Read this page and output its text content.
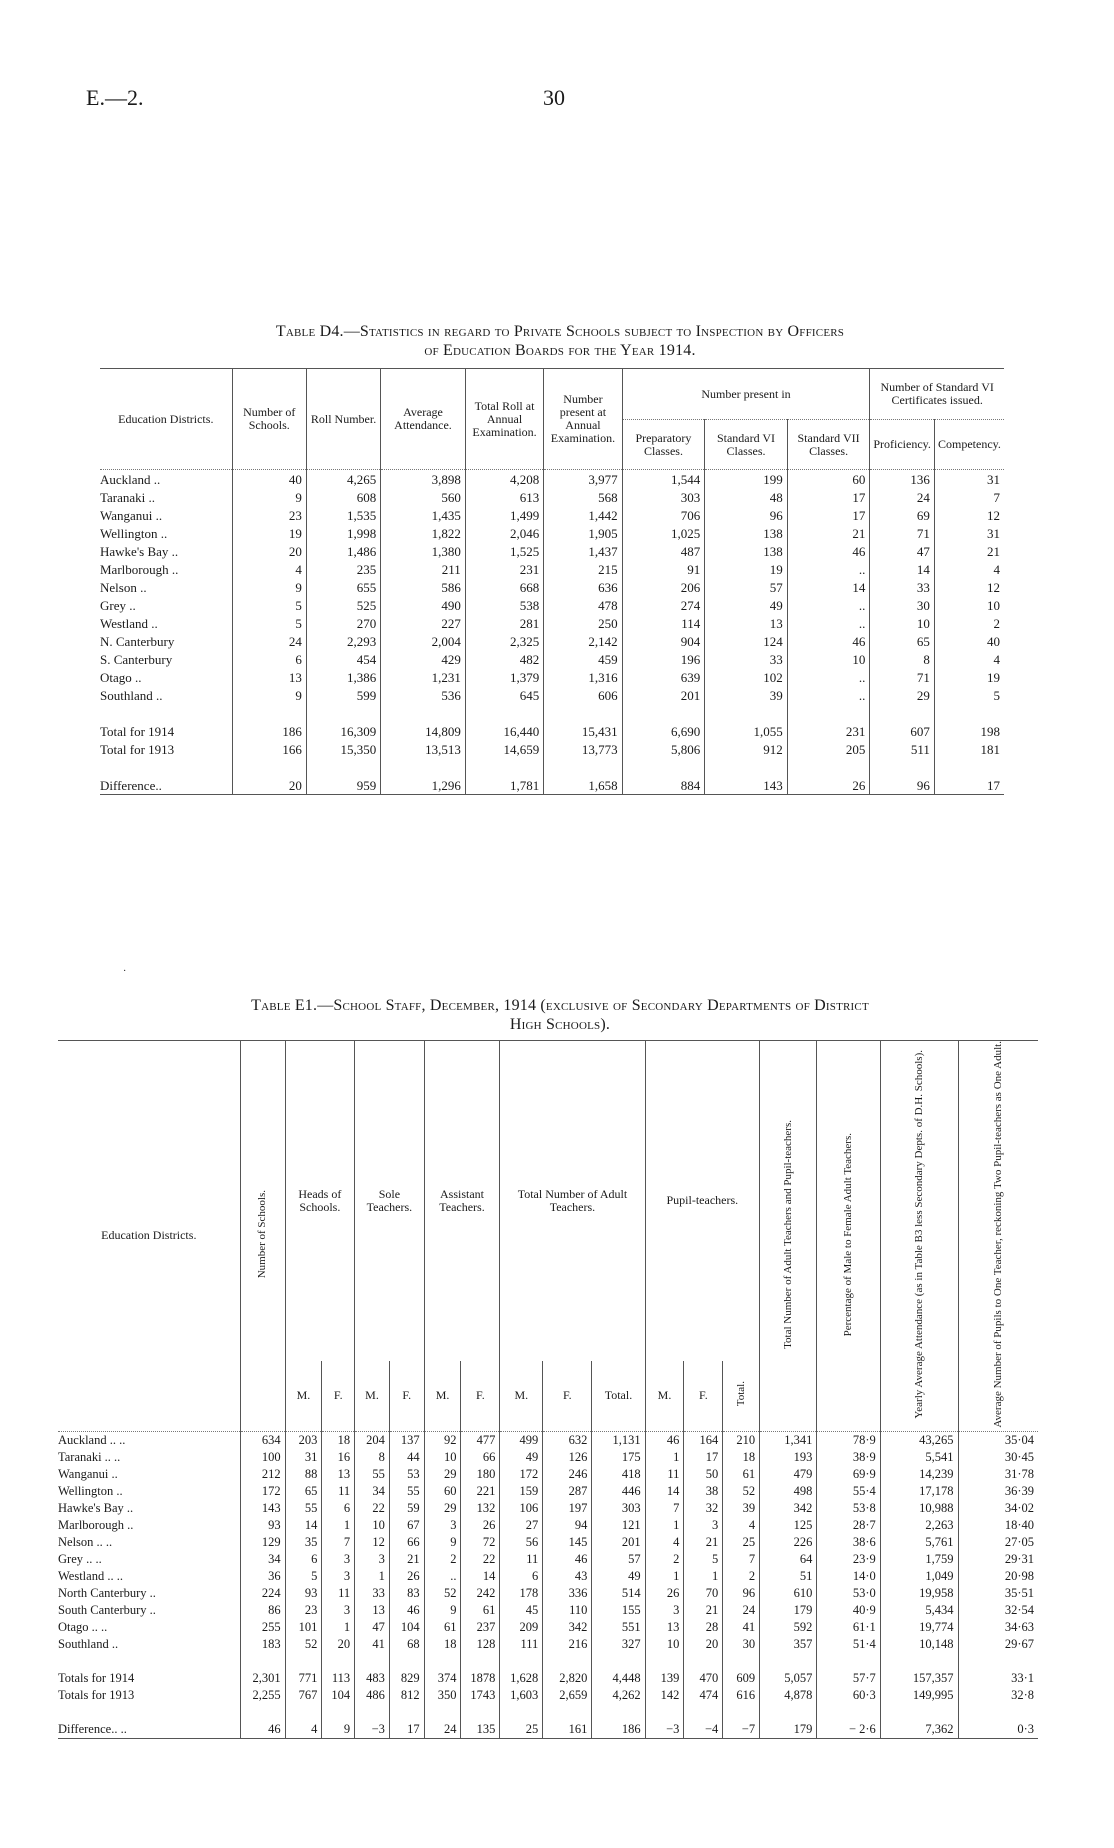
E.—2.	30
Table D4.—Statistics in regard to Private Schools subject to Inspection by Officers
of Education Boards for the Year 1914.
Education Districts.	Number of Schools.	Roll Number.	Average Attendance.	Total Roll at Annual Examination.	Number present at Annual Examination.	Number present in			Number of Standard VI Certificates issued.	
						Preparatory Classes.	Standard VI Classes.	Standard VII Classes.	Proficiency.	Competency.
Auckland ..	40	4,265	3,898	4,208	3,977	1,544	199	60	136	31
Taranaki ..	9	608	560	613	568	303	48	17	24	7
Wanganui ..	23	1,535	1,435	1,499	1,442	706	96	17	69	12
Wellington ..	19	1,998	1,822	2,046	1,905	1,025	138	21	71	31
Hawke's Bay ..	20	1,486	1,380	1,525	1,437	487	138	46	47	21
Marlborough ..	4	235	211	231	215	91	19	..	14	4
Nelson ..	9	655	586	668	636	206	57	14	33	12
Grey ..	5	525	490	538	478	274	49	..	30	10
Westland ..	5	270	227	281	250	114	13	..	10	2
N. Canterbury	24	2,293	2,004	2,325	2,142	904	124	46	65	40
S. Canterbury	6	454	429	482	459	196	33	10	8	4
Otago ..	13	1,386	1,231	1,379	1,316	639	102	..	71	19
Southland ..	9	599	536	645	606	201	39	..	29	5

Total for 1914	186	16,309	14,809	16,440	15,431	6,690	1,055	231	607	198
Total for 1913	166	15,350	13,513	14,659	13,773	5,806	912	205	511	181

Difference..	20	959	1,296	1,781	1,658	884	143	26	96	17
·
Table E1.—School Staff, December, 1914 (exclusive of Secondary Departments of District
High Schools).
Education Districts.	Number of Schools.	Heads of Schools.		Sole Teachers.		Assistant Teachers.		Total Number of Adult Teachers.			Pupil-teachers.			Total Number of Adult Teachers and Pupil-teachers.	Percentage of Male to Female Adult Teachers.	Yearly Average Attendance (as in Table B3 less Secondary Depts. of D.H. Schools).	Average Number of Pupils to One Teacher, reckoning Two Pupil-teachers as One Adult.
		M.	F.	M.	F.	M.	F.	M.	F.	Total.	M.	F.	Total.				
Auckland .. ..	634	203	18	204	137	92	477	499	632	1,131	46	164	210	1,341	78·9	43,265	35·04
Taranaki .. ..	100	31	16	8	44	10	66	49	126	175	1	17	18	193	38·9	5,541	30·45
Wanganui ..	212	88	13	55	53	29	180	172	246	418	11	50	61	479	69·9	14,239	31·78
Wellington ..	172	65	11	34	55	60	221	159	287	446	14	38	52	498	55·4	17,178	36·39
Hawke's Bay ..	143	55	6	22	59	29	132	106	197	303	7	32	39	342	53·8	10,988	34·02
Marlborough ..	93	14	1	10	67	3	26	27	94	121	1	3	4	125	28·7	2,263	18·40
Nelson .. ..	129	35	7	12	66	9	72	56	145	201	4	21	25	226	38·6	5,761	27·05
Grey .. ..	34	6	3	3	21	2	22	11	46	57	2	5	7	64	23·9	1,759	29·31
Westland .. ..	36	5	3	1	26	..	14	6	43	49	1	1	2	51	14·0	1,049	20·98
North Canterbury ..	224	93	11	33	83	52	242	178	336	514	26	70	96	610	53·0	19,958	35·51
South Canterbury ..	86	23	3	13	46	9	61	45	110	155	3	21	24	179	40·9	5,434	32·54
Otago .. ..	255	101	1	47	104	61	237	209	342	551	13	28	41	592	61·1	19,774	34·63
Southland ..	183	52	20	41	68	18	128	111	216	327	10	20	30	357	51·4	10,148	29·67

Totals for 1914	2,301	771	113	483	829	374	1878	1,628	2,820	4,448	139	470	609	5,057	57·7	157,357	33·1
Totals for 1913	2,255	767	104	486	812	350	1743	1,603	2,659	4,262	142	474	616	4,878	60·3	149,995	32·8

Difference.. ..	46	4	9	−3	17	24	135	25	161	186	−3	−4	−7	179	− 2·6	7,362	0·3
